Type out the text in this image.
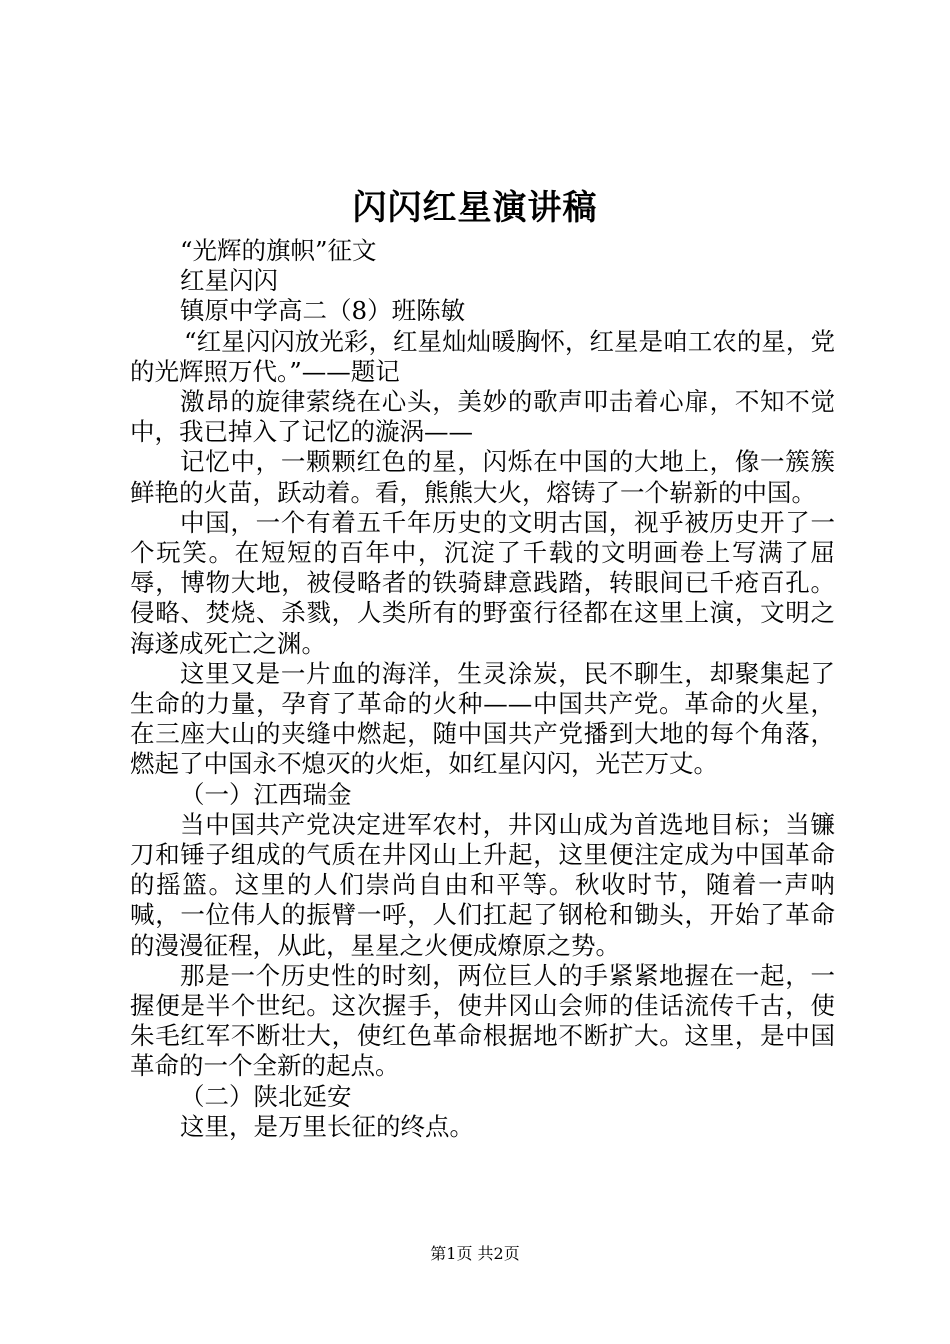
闪闪红星演讲稿

“光辉的旗帜”征文

红星闪闪

镇原中学高二（8）班陈敏

“红星闪闪放光彩，红星灿灿暖胸怀，红星是咱工农的星，党的光辉照万代。”——题记

激昂的旋律萦绕在心头，美妙的歌声叩击着心扉，不知不觉中，我已掉入了记忆的漩涡——

记忆中，一颗颗红色的星，闪烁在中国的大地上，像一簇簇鲜艳的火苗，跃动着。看，熊熊大火，熔铸了一个崭新的中国。

中国，一个有着五千年历史的文明古国，视乎被历史开了一个玩笑。在短短的百年中，沉淀了千载的文明画卷上写满了屈辱，博物大地，被侵略者的铁骑肆意践踏，转眼间已千疮百孔。侵略、焚烧、杀戮，人类所有的野蛮行径都在这里上演，文明之海遂成死亡之渊。

这里又是一片血的海洋，生灵涂炭，民不聊生，却聚集起了生命的力量，孕育了革命的火种——中国共产党。革命的火星，在三座大山的夹缝中燃起，随中国共产党播到大地的每个角落，燃起了中国永不熄灭的火炬，如红星闪闪，光芒万丈。

（一）江西瑞金

当中国共产党决定进军农村，井冈山成为首选地目标；当镰刀和锤子组成的气质在井冈山上升起，这里便注定成为中国革命的摇篮。这里的人们崇尚自由和平等。秋收时节，随着一声呐喊，一位伟人的振臂一呼，人们扛起了钢枪和锄头，开始了革命的漫漫征程，从此，星星之火便成燎原之势。

那是一个历史性的时刻，两位巨人的手紧紧地握在一起，一握便是半个世纪。这次握手，使井冈山会师的佳话流传千古，使朱毛红军不断壮大，使红色革命根据地不断扩大。这里，是中国革命的一个全新的起点。

（二）陕北延安

这里，是万里长征的终点。

第1页 共2页
